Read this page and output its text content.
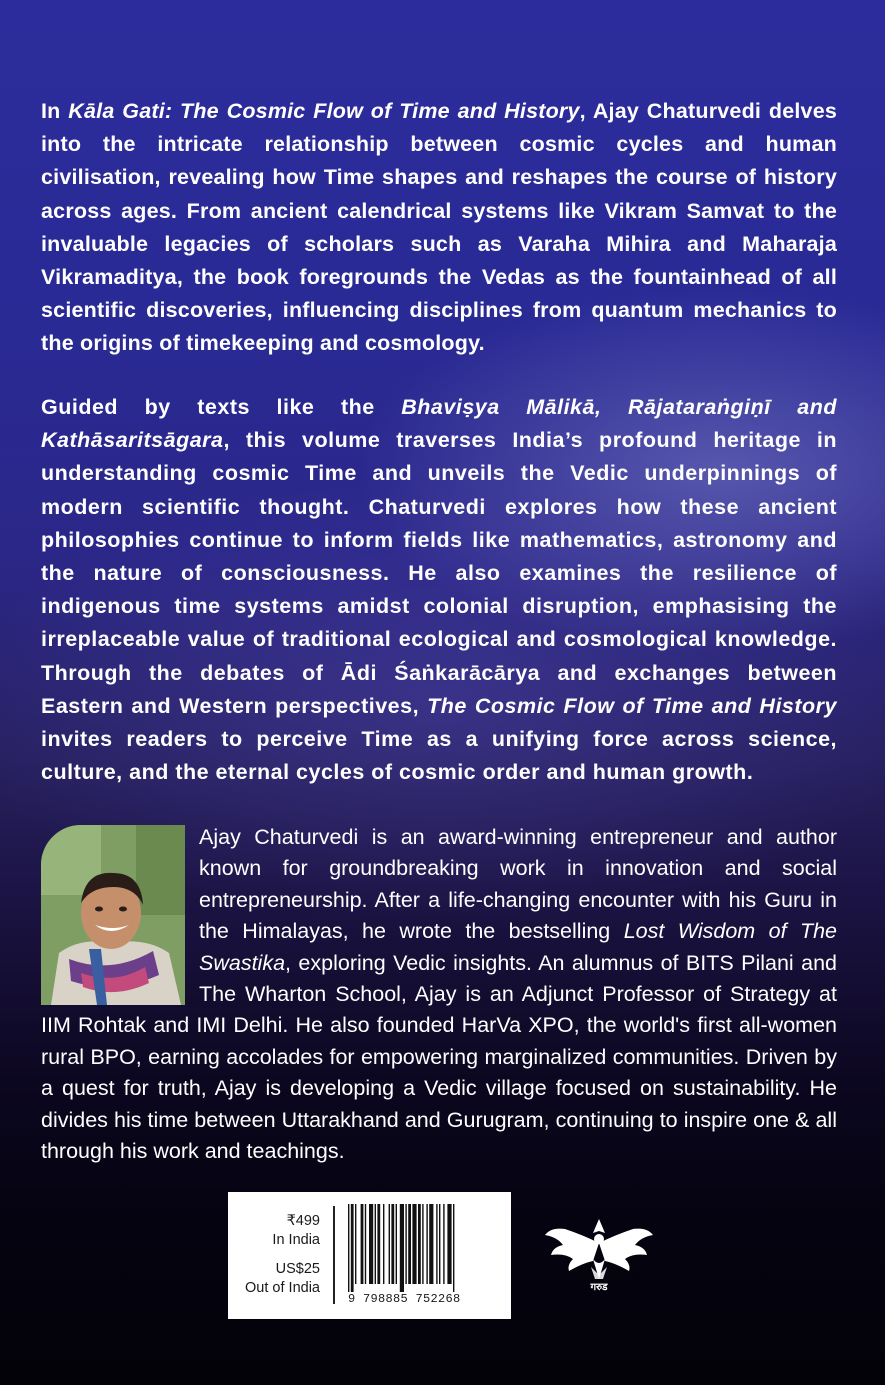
In Kāla Gati: The Cosmic Flow of Time and History, Ajay Chaturvedi delves into the intricate relationship between cosmic cycles and human civilisation, revealing how Time shapes and reshapes the course of history across ages. From ancient calendrical systems like Vikram Samvat to the invaluable legacies of scholars such as Varaha Mihira and Maharaja Vikramaditya, the book foregrounds the Vedas as the fountainhead of all scientific discoveries, influencing disciplines from quantum mechanics to the origins of timekeeping and cosmology.
Guided by texts like the Bhaviṣya Mālikā, Rājataraṅgiṇī and Kathāsaritsāgara, this volume traverses India’s profound heritage in understanding cosmic Time and unveils the Vedic underpinnings of modern scientific thought. Chaturvedi explores how these ancient philosophies continue to inform fields like mathematics, astronomy and the nature of consciousness. He also examines the resilience of indigenous time systems amidst colonial disruption, emphasising the irreplaceable value of traditional ecological and cosmological knowledge. Through the debates of Ādi Śaṅkarācārya and exchanges between Eastern and Western perspectives, The Cosmic Flow of Time and History invites readers to perceive Time as a unifying force across science, culture, and the eternal cycles of cosmic order and human growth.
Ajay Chaturvedi is an award-winning entrepreneur and author known for groundbreaking work in innovation and social entrepreneurship. After a life-changing encounter with his Guru in the Himalayas, he wrote the bestselling Lost Wisdom of The Swastika, exploring Vedic insights. An alumnus of BITS Pilani and The Wharton School, Ajay is an Adjunct Professor of Strategy at IIM Rohtak and IMI Delhi. He also founded HarVa XPO, the world's first all-women rural BPO, earning accolades for empowering marginalized communities. Driven by a quest for truth, Ajay is developing a Vedic village focused on sustainability. He divides his time between Uttarakhand and Gurugram, continuing to inspire one & all through his work and teachings.
₹499
In India
US$25
Out of India
9 798885 752268
गरुड
